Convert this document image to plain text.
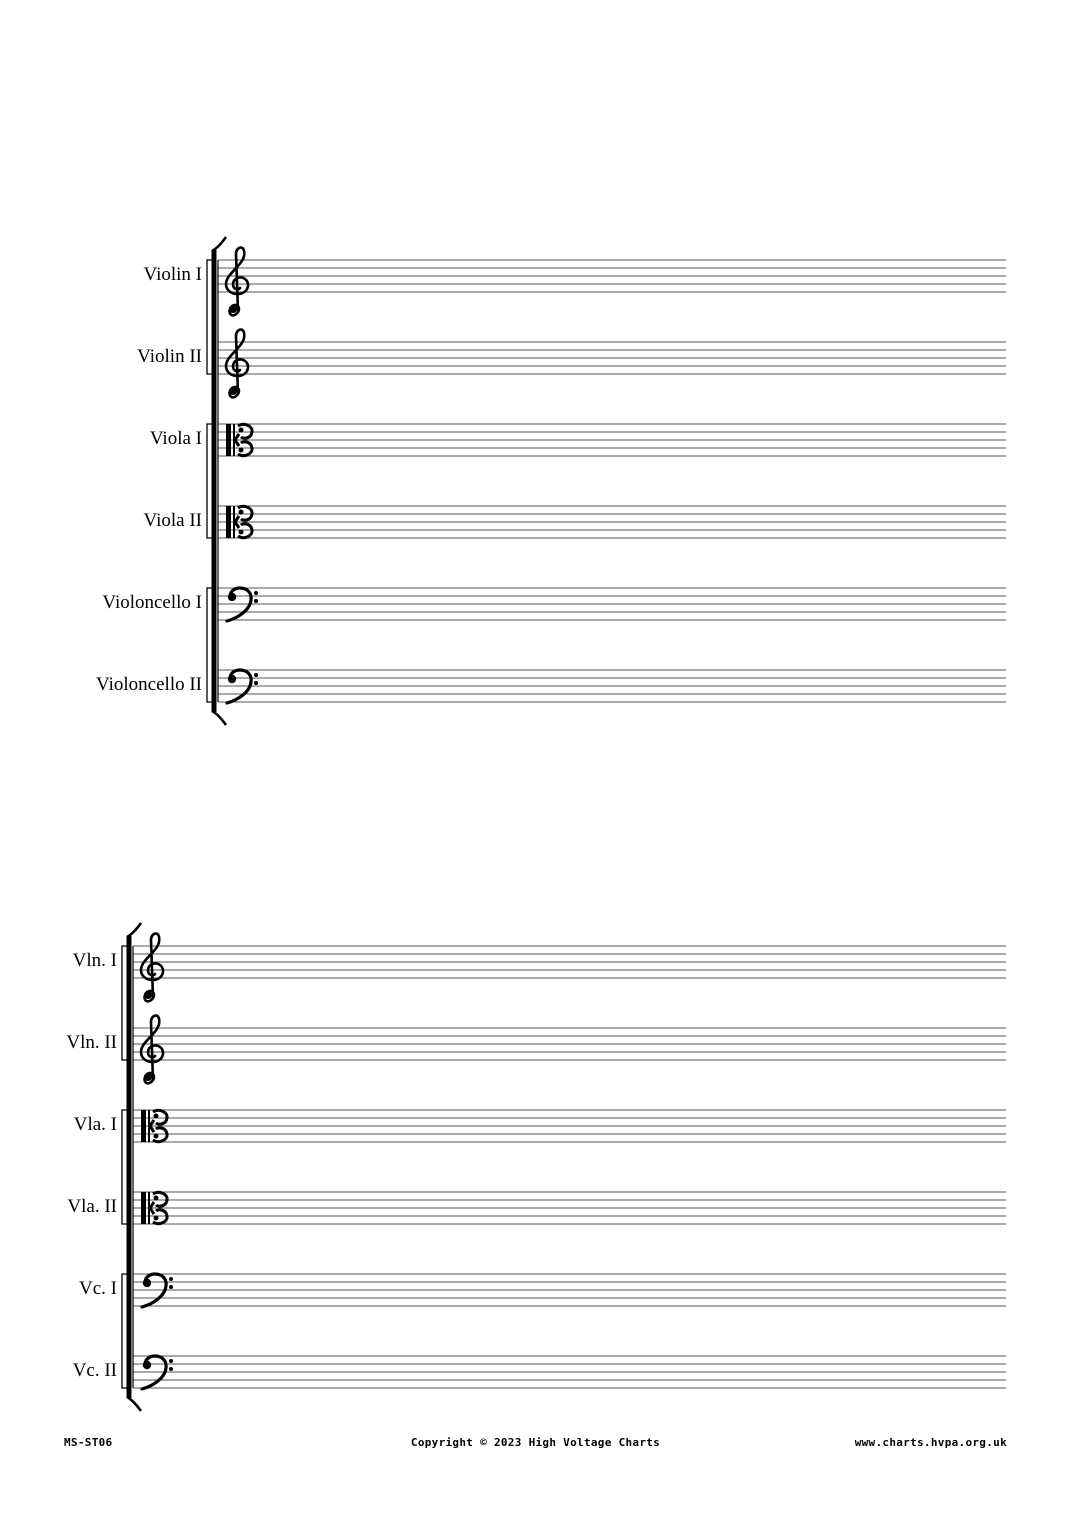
Violin I
Violin II
Viola I
Viola II
Violoncello I
Violoncello II
Vln. I
Vln. II
Vla. I
Vla. II
Vc. I
Vc. II
MS-ST06	Copyright © 2023 High Voltage Charts	www.charts.hvpa.org.uk
